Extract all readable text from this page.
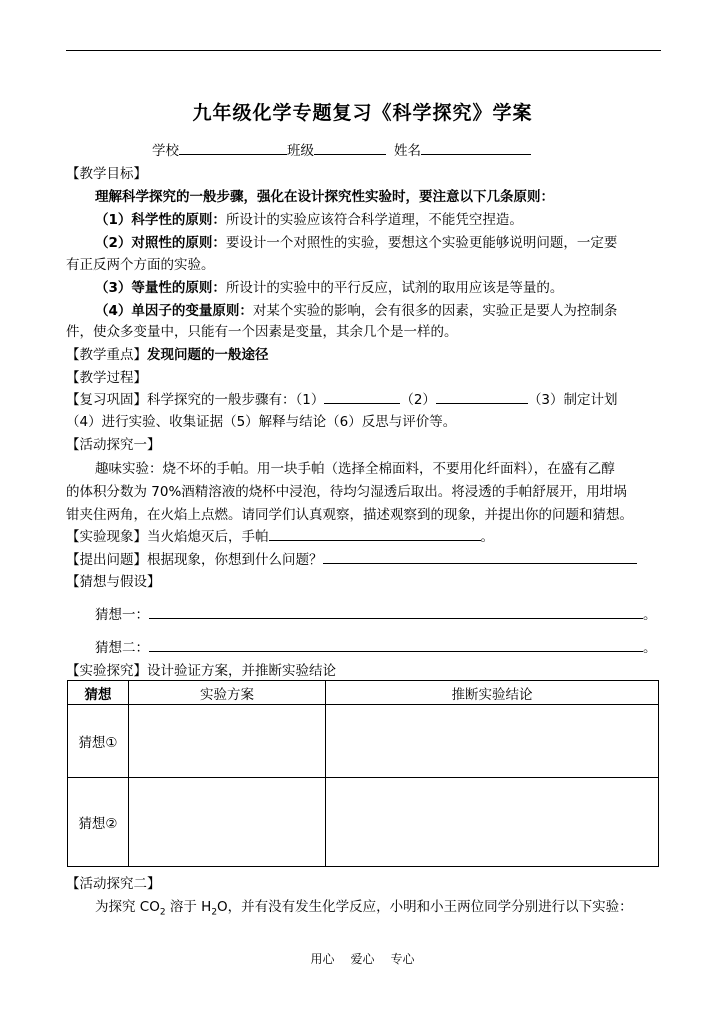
九年级化学专题复习《科学探究》学案
学校	班级	姓名
【教学目标】
理解科学探究的一般步骤，强化在设计探究性实验时，要注意以下几条原则：
（1）科学性的原则：所设计的实验应该符合科学道理，不能凭空捏造。
（2）对照性的原则：要设计一个对照性的实验，要想这个实验更能够说明问题，一定要
有正反两个方面的实验。
（3）等量性的原则：所设计的实验中的平行反应，试剂的取用应该是等量的。
（4）单因子的变量原则：对某个实验的影响，会有很多的因素，实验正是要人为控制条
件，使众多变量中，只能有一个因素是变量，其余几个是一样的。
【教学重点】发现问题的一般途径
【教学过程】
【复习巩固】科学探究的一般步骤有：（1）	（2）	（3）制定计划
（4）进行实验、收集证据（5）解释与结论（6）反思与评价等。
【活动探究一】
趣味实验：烧不坏的手帕。用一块手帕（选择全棉面料，不要用化纤面料），在盛有乙醇
的体积分数为 70%酒精溶液的烧杯中浸泡，待均匀湿透后取出。将浸透的手帕舒展开，用坩埚
钳夹住两角，在火焰上点燃。请同学们认真观察，描述观察到的现象，并提出你的问题和猜想。
【实验现象】当火焰熄灭后，手帕	。
【提出问题】根据现象，你想到什么问题？
【猜想与假设】
猜想一：	。
猜想二：	。
【实验探究】设计验证方案，并推断实验结论
猜想	实验方案	推断实验结论
猜想①		
猜想②		
【活动探究二】
为探究 $CO_2$ 溶于 $H_2O$，并有没有发生化学反应，小明和小王两位同学分别进行以下实验：
用心 爱心 专心
